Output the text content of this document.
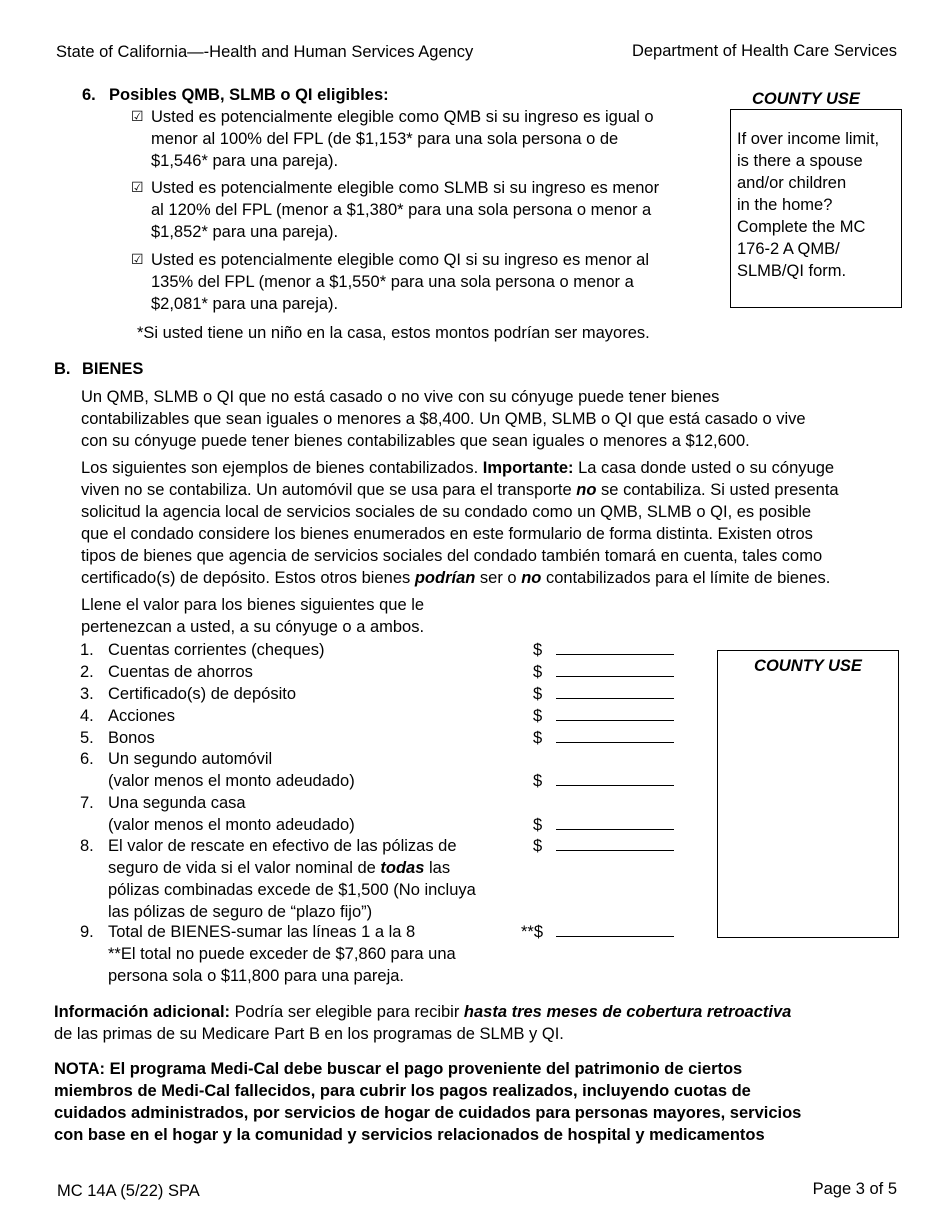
State of California—-Health and Human Services Agency	Department of Health Care Services
6. Posibles QMB, SLMB o QI eligibles:
☑ Usted es potencialmente elegible como QMB si su ingreso es igual o

menor al 100% del FPL (de $1,153* para una sola persona o de

$1,546* para una pareja).

☑ Usted es potencialmente elegible como SLMB si su ingreso es menor

al 120% del FPL (menor a $1,380* para una sola persona o menor a

$1,852* para una pareja).

☑ Usted es potencialmente elegible como QI si su ingreso es menor al

135% del FPL (menor a $1,550* para una sola persona o menor a

$2,081* para una pareja).

*Si usted tiene un niño en la casa, estos montos podrían ser mayores.
COUNTY USE
If over income limit,
is there a spouse
and/or children
in the home?
Complete the MC
176-2 A QMB/
SLMB/QI form.
B. BIENES
Un QMB, SLMB o QI que no está casado o no vive con su cónyuge puede tener bienes
contabilizables que sean iguales o menores a $8,400. Un QMB, SLMB o QI que está casado o vive
con su cónyuge puede tener bienes contabilizables que sean iguales o menores a $12,600.
Los siguientes son ejemplos de bienes contabilizados. Importante: La casa donde usted o su cónyuge
viven no se contabiliza. Un automóvil que se usa para el transporte no se contabiliza. Si usted presenta
solicitud la agencia local de servicios sociales de su condado como un QMB, SLMB o QI, es posible
que el condado considere los bienes enumerados en este formulario de forma distinta. Existen otros
tipos de bienes que agencia de servicios sociales del condado también tomará en cuenta, tales como
certificado(s) de depósito. Estos otros bienes podrían ser o no contabilizados para el límite de bienes.
Llene el valor para los bienes siguientes que le
pertenezcan a usted, a su cónyuge o a ambos.
1. Cuentas corrientes (cheques)	$
2. Cuentas de ahorros	$
3. Certificado(s) de depósito	$
4. Acciones	$
5. Bonos	$
6. Un segundo automóvil
(valor menos el monto adeudado)	$
7. Una segunda casa
(valor menos el monto adeudado)	$
8. El valor de rescate en efectivo de las pólizas de
seguro de vida si el valor nominal de todas las
pólizas combinadas excede de $1,500 (No incluya
las pólizas de seguro de “plazo fijo”)
$
9. Total de BIENES-sumar las líneas 1 a la 8
**El total no puede exceder de $7,860 para una
persona sola o $11,800 para una pareja.
**$
COUNTY USE
Información adicional: Podría ser elegible para recibir hasta tres meses de cobertura retroactiva
de las primas de su Medicare Part B en los programas de SLMB y QI.
NOTA: El programa Medi-Cal debe buscar el pago proveniente del patrimonio de ciertos
miembros de Medi-Cal fallecidos, para cubrir los pagos realizados, incluyendo cuotas de
cuidados administrados, por servicios de hogar de cuidados para personas mayores, servicios
con base en el hogar y la comunidad y servicios relacionados de hospital y medicamentos
MC 14A (5/22) SPA	Page 3 of 5
